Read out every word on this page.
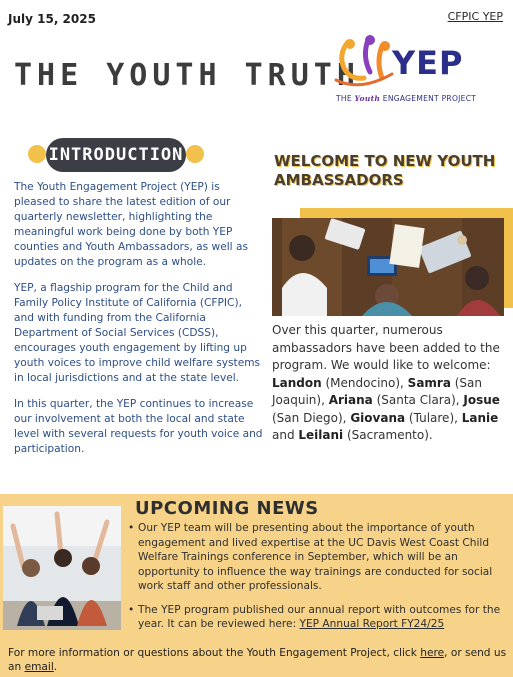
July 15, 2025	CFPIC YEP
THE YOUTH TRUTH YEP
THE Youth ENGAGEMENT PROJECT
INTRODUCTION

The Youth Engagement Project (YEP) is pleased to share the latest edition of our quarterly newsletter, highlighting the meaningful work being done by both YEP counties and Youth Ambassadors, as well as updates on the program as a whole.

YEP, a flagship program for the Child and Family Policy Institute of California (CFPIC), and with funding from the California Department of Social Services (CDSS), encourages youth engagement by lifting up youth voices to improve child welfare systems in local jurisdictions and at the state level.

In this quarter, the YEP continues to increase our involvement at both the local and state level with several requests for youth voice and participation.

WELCOME TO NEW YOUTH AMBASSADORS
Over this quarter, numerous ambassadors have been added to the program. We would like to welcome: Landon (Mendocino), Samra (San Joaquin), Ariana (Santa Clara), Josue (San Diego), Giovana (Tulare), Lanie and Leilani (Sacramento).
UPCOMING NEWS
• Our YEP team will be presenting about the importance of youth engagement and lived expertise at the UC Davis West Coast Child Welfare Trainings conference in September, which will be an opportunity to influence the way trainings are conducted for social work staff and other professionals.
• The YEP program published our annual report with outcomes for the year. It can be reviewed here: YEP Annual Report FY24/25
For more information or questions about the Youth Engagement Project, click here, or send us an email.
